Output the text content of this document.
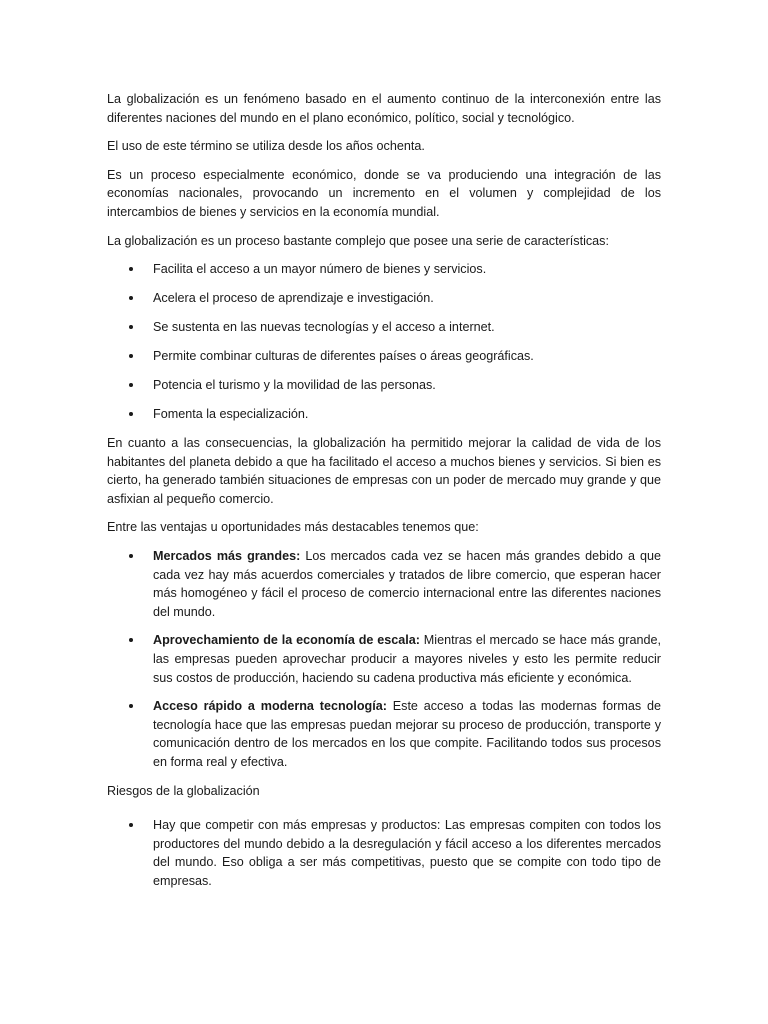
La globalización es un fenómeno basado en el aumento continuo de la interconexión entre las diferentes naciones del mundo en el plano económico, político, social y tecnológico.

El uso de este término se utiliza desde los años ochenta.

Es un proceso especialmente económico, donde se va produciendo una integración de las economías nacionales, provocando un incremento en el volumen y complejidad de los intercambios de bienes y servicios en la economía mundial.

La globalización es un proceso bastante complejo que posee una serie de características:

Facilita el acceso a un mayor número de bienes y servicios.
Acelera el proceso de aprendizaje e investigación.
Se sustenta en las nuevas tecnologías y el acceso a internet.
Permite combinar culturas de diferentes países o áreas geográficas.
Potencia el turismo y la movilidad de las personas.
Fomenta la especialización.

En cuanto a las consecuencias, la globalización ha permitido mejorar la calidad de vida de los habitantes del planeta debido a que ha facilitado el acceso a muchos bienes y servicios. Si bien es cierto, ha generado también situaciones de empresas con un poder de mercado muy grande y que asfixian al pequeño comercio.

Entre las ventajas u oportunidades más destacables tenemos que:

Mercados más grandes: Los mercados cada vez se hacen más grandes debido a que cada vez hay más acuerdos comerciales y tratados de libre comercio, que esperan hacer más homogéneo y fácil el proceso de comercio internacional entre las diferentes naciones del mundo.
Aprovechamiento de la economía de escala: Mientras el mercado se hace más grande, las empresas pueden aprovechar producir a mayores niveles y esto les permite reducir sus costos de producción, haciendo su cadena productiva más eficiente y económica.
Acceso rápido a moderna tecnología: Este acceso a todas las modernas formas de tecnología hace que las empresas puedan mejorar su proceso de producción, transporte y comunicación dentro de los mercados en los que compite. Facilitando todos sus procesos en forma real y efectiva.

Riesgos de la globalización

Hay que competir con más empresas y productos: Las empresas compiten con todos los productores del mundo debido a la desregulación y fácil acceso a los diferentes mercados del mundo. Eso obliga a ser más competitivas, puesto que se compite con todo tipo de empresas.
